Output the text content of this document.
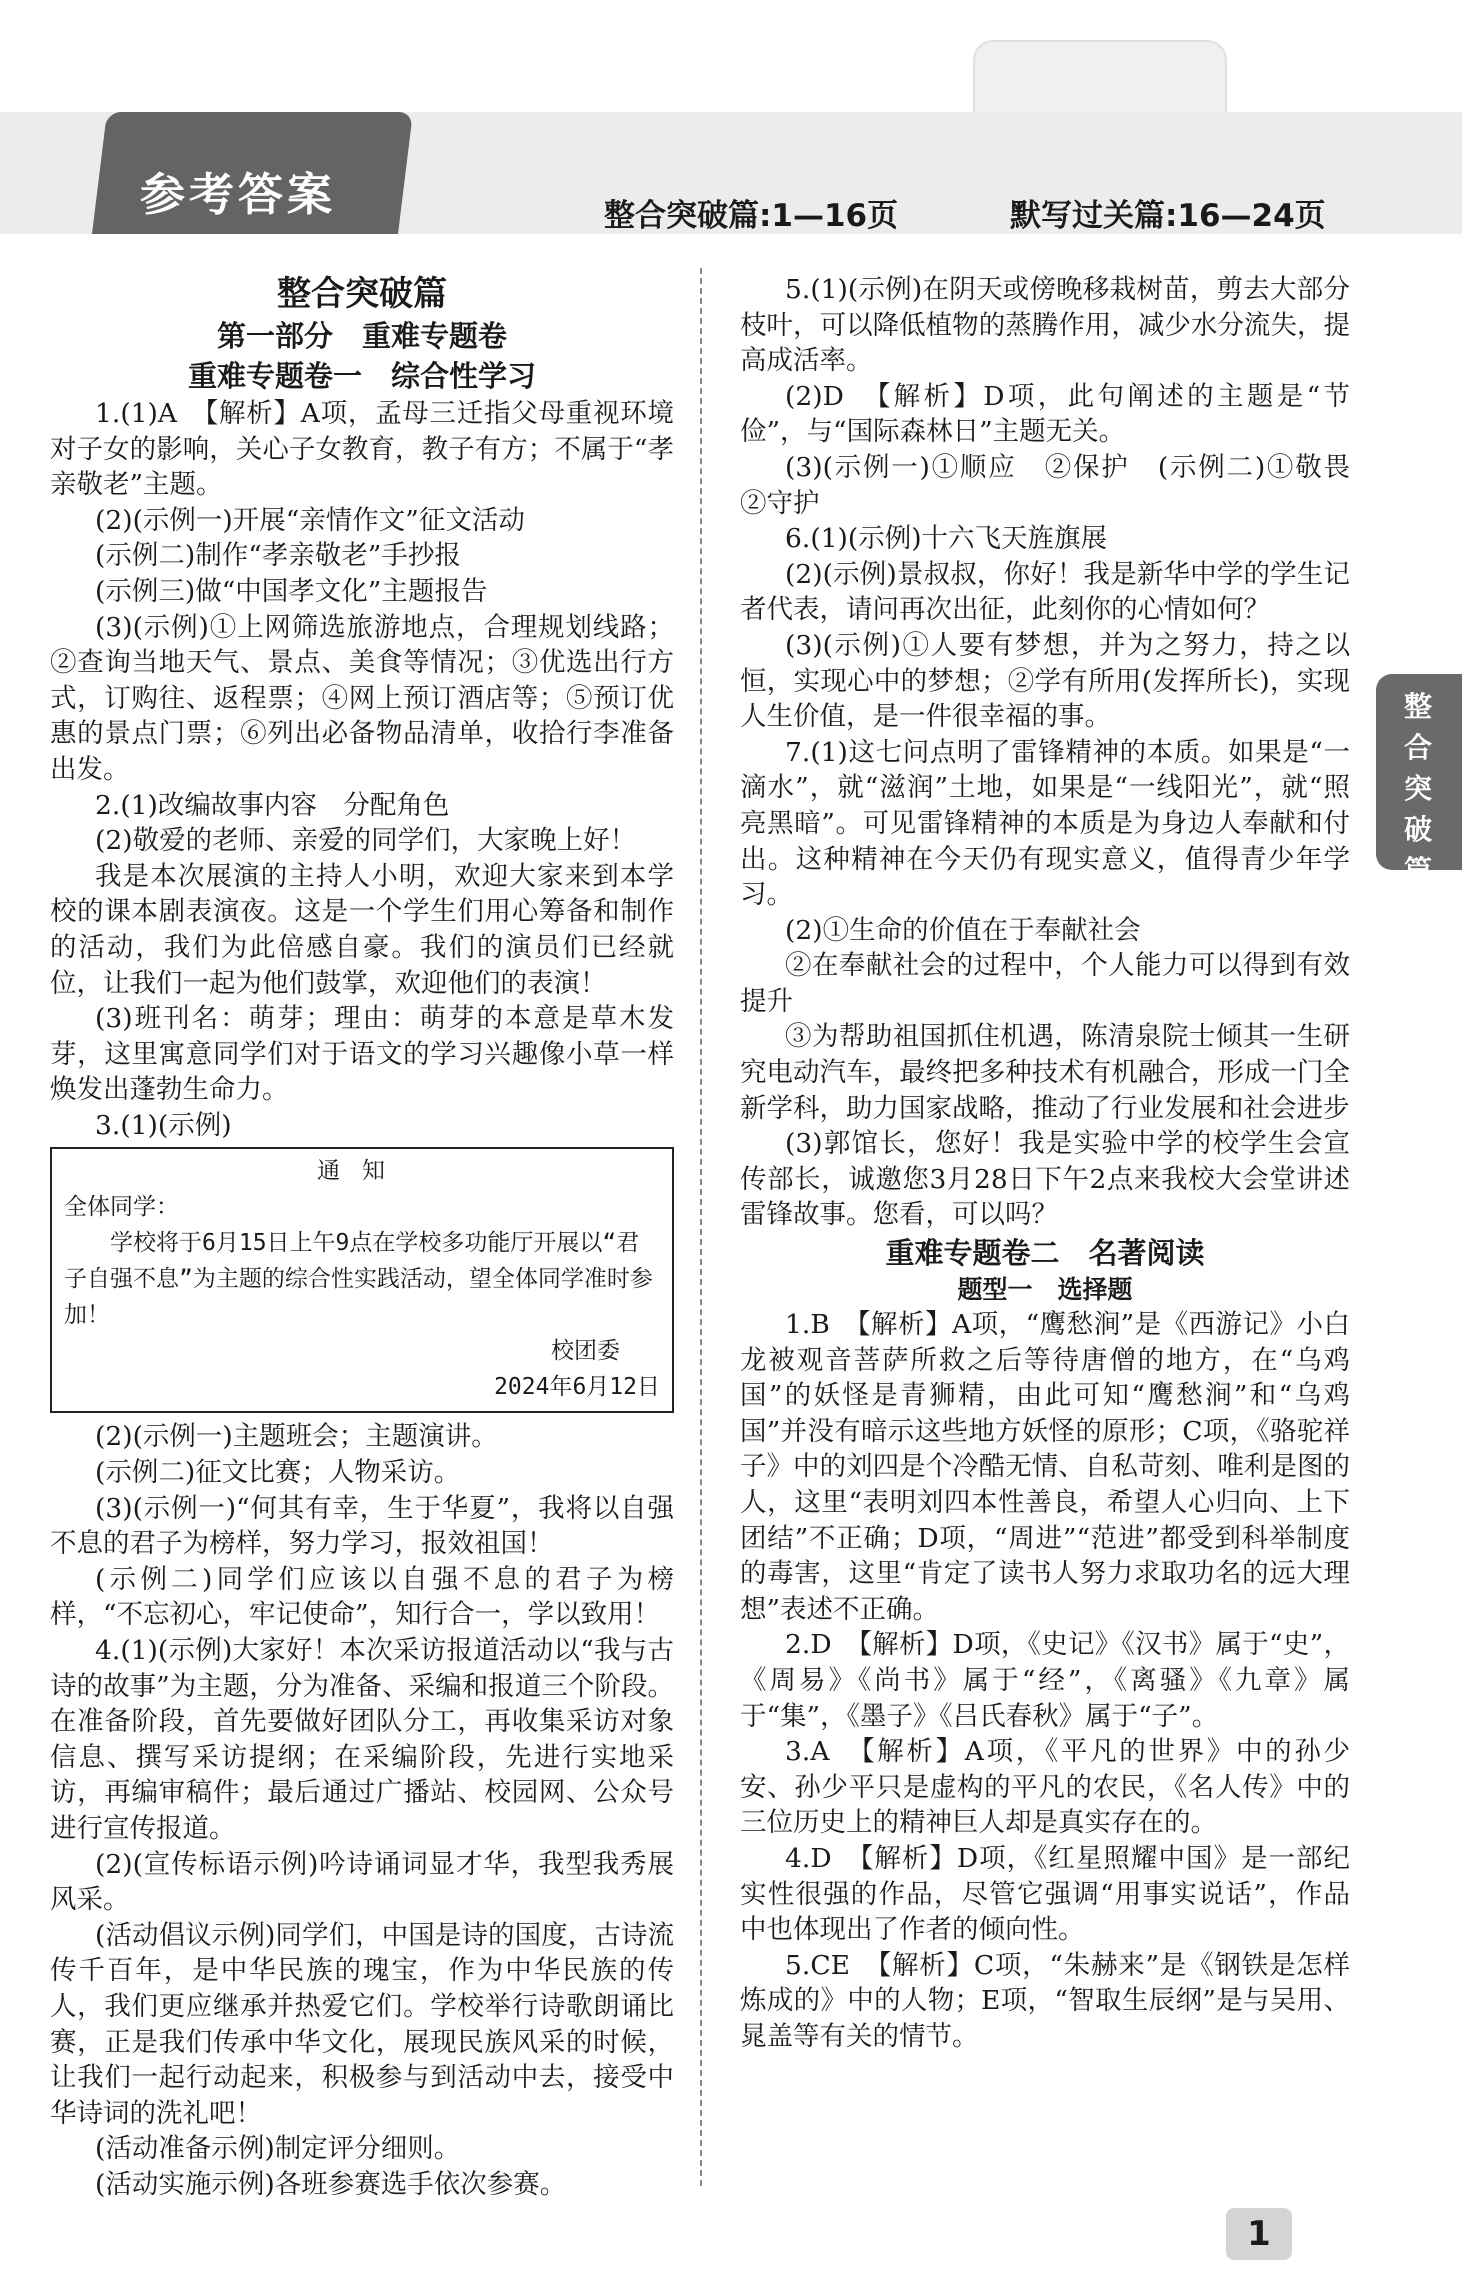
参考答案	整合突破篇:1—16页	默写过关篇:16—24页

整合突破篇

第一部分　重难专题卷

重难专题卷一　综合性学习

1.(1)A　【解析】A项，孟母三迁指父母重视环境对子女的影响，关心子女教育，教子有方；不属于“孝亲敬老”主题。

(2)(示例一)开展“亲情作文”征文活动

(示例二)制作“孝亲敬老”手抄报

(示例三)做“中国孝文化”主题报告

(3)(示例)①上网筛选旅游地点，合理规划线路；②查询当地天气、景点、美食等情况；③优选出行方式，订购往、返程票；④网上预订酒店等；⑤预订优惠的景点门票；⑥列出必备物品清单，收拾行李准备出发。

2.(1)改编故事内容　分配角色

(2)敬爱的老师、亲爱的同学们，大家晚上好！

我是本次展演的主持人小明，欢迎大家来到本学校的课本剧表演夜。这是一个学生们用心筹备和制作的活动，我们为此倍感自豪。我们的演员们已经就位，让我们一起为他们鼓掌，欢迎他们的表演！

(3)班刊名：萌芽；理由：萌芽的本意是草木发芽，这里寓意同学们对于语文的学习兴趣像小草一样焕发出蓬勃生命力。

3.(1)(示例)

通知
全体同学：
学校将于6月15日上午9点在学校多功能厅开展以“君子自强不息”为主题的综合性实践活动，望全体同学准时参加！
校团委
2024年6月12日

(2)(示例一)主题班会；主题演讲。

(示例二)征文比赛；人物采访。

(3)(示例一)“何其有幸，生于华夏”，我将以自强不息的君子为榜样，努力学习，报效祖国！

(示例二)同学们应该以自强不息的君子为榜样，“不忘初心，牢记使命”，知行合一，学以致用！

4.(1)(示例)大家好！本次采访报道活动以“我与古诗的故事”为主题，分为准备、采编和报道三个阶段。在准备阶段，首先要做好团队分工，再收集采访对象信息、撰写采访提纲；在采编阶段，先进行实地采访，再编审稿件；最后通过广播站、校园网、公众号进行宣传报道。

(2)(宣传标语示例)吟诗诵词显才华，我型我秀展风采。

(活动倡议示例)同学们，中国是诗的国度，古诗流传千百年，是中华民族的瑰宝，作为中华民族的传人，我们更应继承并热爱它们。学校举行诗歌朗诵比赛，正是我们传承中华文化，展现民族风采的时候，让我们一起行动起来，积极参与到活动中去，接受中华诗词的洗礼吧！

(活动准备示例)制定评分细则。

(活动实施示例)各班参赛选手依次参赛。

5.(1)(示例)在阴天或傍晚移栽树苗，剪去大部分枝叶，可以降低植物的蒸腾作用，减少水分流失，提高成活率。

(2)D　【解析】D项，此句阐述的主题是“节俭”，与“国际森林日”主题无关。

(3)(示例一)①顺应　②保护　(示例二)①敬畏　②守护

6.(1)(示例)十六飞天旌旗展

(2)(示例)景叔叔，你好！我是新华中学的学生记者代表，请问再次出征，此刻你的心情如何？

(3)(示例)①人要有梦想，并为之努力，持之以恒，实现心中的梦想；②学有所用(发挥所长)，实现人生价值，是一件很幸福的事。

7.(1)这七问点明了雷锋精神的本质。如果是“一滴水”，就“滋润”土地，如果是“一线阳光”，就“照亮黑暗”。可见雷锋精神的本质是为身边人奉献和付出。这种精神在今天仍有现实意义，值得青少年学习。

(2)①生命的价值在于奉献社会

②在奉献社会的过程中，个人能力可以得到有效提升

③为帮助祖国抓住机遇，陈清泉院士倾其一生研究电动汽车，最终把多种技术有机融合，形成一门全新学科，助力国家战略，推动了行业发展和社会进步

(3)郭馆长，您好！我是实验中学的校学生会宣传部长，诚邀您3月28日下午2点来我校大会堂讲述雷锋故事。您看，可以吗？

重难专题卷二　名著阅读

题型一　选择题

1.B　【解析】A项，“鹰愁涧”是《西游记》小白龙被观音菩萨所救之后等待唐僧的地方，在“乌鸡国”的妖怪是青狮精，由此可知“鹰愁涧”和“乌鸡国”并没有暗示这些地方妖怪的原形；C项，《骆驼祥子》中的刘四是个冷酷无情、自私苛刻、唯利是图的人，这里“表明刘四本性善良，希望人心归向、上下团结”不正确；D项，“周进”“范进”都受到科举制度的毒害，这里“肯定了读书人努力求取功名的远大理想”表述不正确。

2.D　【解析】D项，《史记》《汉书》属于“史”，《周易》《尚书》属于“经”，《离骚》《九章》属于“集”，《墨子》《吕氏春秋》属于“子”。

3.A　【解析】A项，《平凡的世界》中的孙少安、孙少平只是虚构的平凡的农民，《名人传》中的三位历史上的精神巨人却是真实存在的。

4.D　【解析】D项，《红星照耀中国》是一部纪实性很强的作品，尽管它强调“用事实说话”，作品中也体现出了作者的倾向性。

5.CE　【解析】C项，“朱赫来”是《钢铁是怎样炼成的》中的人物；E项，“智取生辰纲”是与吴用、晁盖等有关的情节。

整合突破篇
1
